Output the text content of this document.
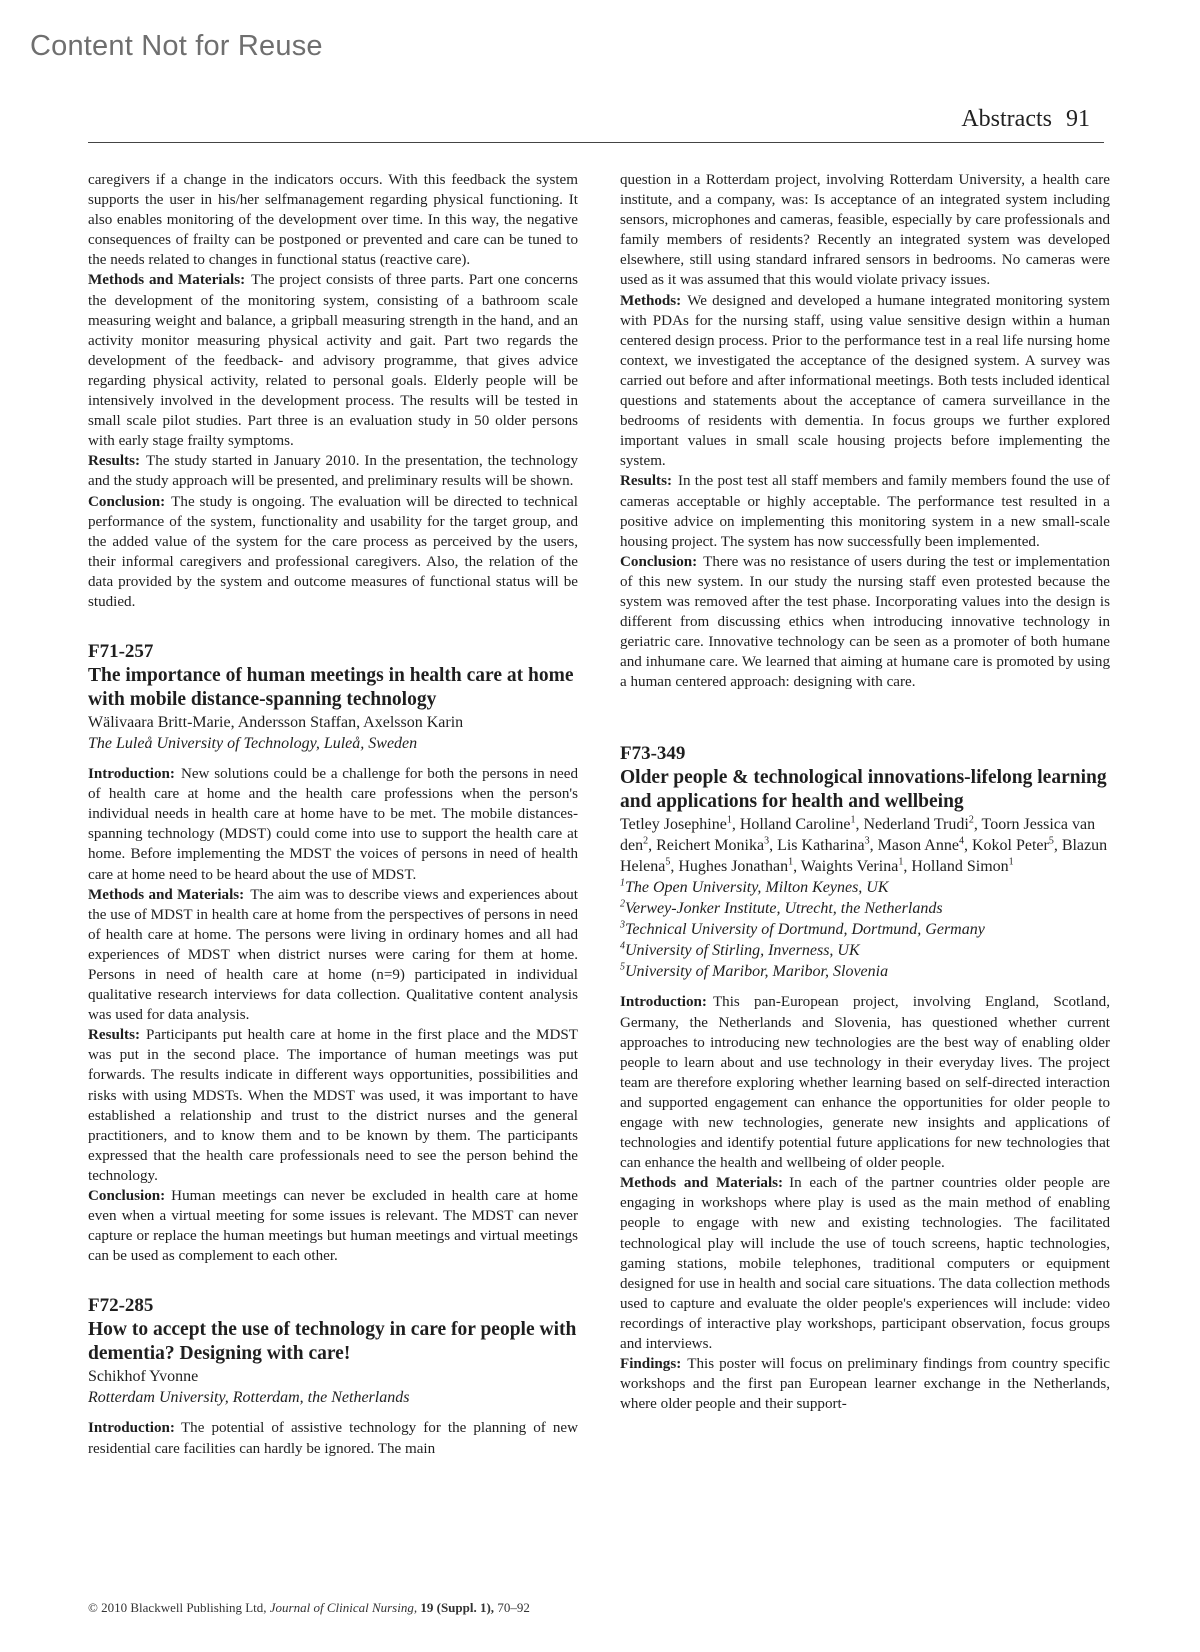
Content Not for Reuse
Abstracts 91

caregivers if a change in the indicators occurs. With this feedback the system supports the user in his/her selfmanagement regarding physical functioning. It also enables monitoring of the development over time. In this way, the negative consequences of frailty can be postponed or prevented and care can be tuned to the needs related to changes in functional status (reactive care).

Methods and Materials: The project consists of three parts. Part one concerns the development of the monitoring system, consisting of a bathroom scale measuring weight and balance, a gripball measuring strength in the hand, and an activity monitor measuring physical activity and gait. Part two regards the development of the feedback- and advisory programme, that gives advice regarding physical activity, related to personal goals. Elderly people will be intensively involved in the development process. The results will be tested in small scale pilot studies. Part three is an evaluation study in 50 older persons with early stage frailty symptoms.

Results: The study started in January 2010. In the presentation, the technology and the study approach will be presented, and preliminary results will be shown.

Conclusion: The study is ongoing. The evaluation will be directed to technical performance of the system, functionality and usability for the target group, and the added value of the system for the care process as perceived by the users, their informal caregivers and professional caregivers. Also, the relation of the data provided by the system and outcome measures of functional status will be studied.

F71-257

The importance of human meetings in health care at home with mobile distance-spanning technology

Wälivaara Britt-Marie, Andersson Staffan, Axelsson Karin

The Luleå University of Technology, Luleå, Sweden

Introduction: New solutions could be a challenge for both the persons in need of health care at home and the health care professions when the person's individual needs in health care at home have to be met. The mobile distances-spanning technology (MDST) could come into use to support the health care at home. Before implementing the MDST the voices of persons in need of health care at home need to be heard about the use of MDST.

Methods and Materials: The aim was to describe views and experiences about the use of MDST in health care at home from the perspectives of persons in need of health care at home. The persons were living in ordinary homes and all had experiences of MDST when district nurses were caring for them at home. Persons in need of health care at home (n=9) participated in individual qualitative research interviews for data collection. Qualitative content analysis was used for data analysis.

Results: Participants put health care at home in the first place and the MDST was put in the second place. The importance of human meetings was put forwards. The results indicate in different ways opportunities, possibilities and risks with using MDSTs. When the MDST was used, it was important to have established a relationship and trust to the district nurses and the general practitioners, and to know them and to be known by them. The participants expressed that the health care professionals need to see the person behind the technology.

Conclusion: Human meetings can never be excluded in health care at home even when a virtual meeting for some issues is relevant. The MDST can never capture or replace the human meetings but human meetings and virtual meetings can be used as complement to each other.

F72-285

How to accept the use of technology in care for people with dementia? Designing with care!

Schikhof Yvonne

Rotterdam University, Rotterdam, the Netherlands

Introduction: The potential of assistive technology for the planning of new residential care facilities can hardly be ignored. The main

question in a Rotterdam project, involving Rotterdam University, a health care institute, and a company, was: Is acceptance of an integrated system including sensors, microphones and cameras, feasible, especially by care professionals and family members of residents? Recently an integrated system was developed elsewhere, still using standard infrared sensors in bedrooms. No cameras were used as it was assumed that this would violate privacy issues.

Methods: We designed and developed a humane integrated monitoring system with PDAs for the nursing staff, using value sensitive design within a human centered design process. Prior to the performance test in a real life nursing home context, we investigated the acceptance of the designed system. A survey was carried out before and after informational meetings. Both tests included identical questions and statements about the acceptance of camera surveillance in the bedrooms of residents with dementia. In focus groups we further explored important values in small scale housing projects before implementing the system.

Results: In the post test all staff members and family members found the use of cameras acceptable or highly acceptable. The performance test resulted in a positive advice on implementing this monitoring system in a new small-scale housing project. The system has now successfully been implemented.

Conclusion: There was no resistance of users during the test or implementation of this new system. In our study the nursing staff even protested because the system was removed after the test phase. Incorporating values into the design is different from discussing ethics when introducing innovative technology in geriatric care. Innovative technology can be seen as a promoter of both humane and inhumane care. We learned that aiming at humane care is promoted by using a human centered approach: designing with care.

F73-349

Older people & technological innovations-lifelong learning and applications for health and wellbeing

Tetley Josephine$^1$, Holland Caroline$^1$, Nederland Trudi$^2$, Toorn Jessica van den$^2$, Reichert Monika$^3$, Lis Katharina$^3$, Mason Anne$^4$, Kokol Peter$^5$, Blazun Helena$^5$, Hughes Jonathan$^1$, Waights Verina$^1$, Holland Simon$^1$

$^1$The Open University, Milton Keynes, UK
$^2$Verwey-Jonker Institute, Utrecht, the Netherlands
$^3$Technical University of Dortmund, Dortmund, Germany
$^4$University of Stirling, Inverness, UK
$^5$University of Maribor, Maribor, Slovenia

Introduction: This pan-European project, involving England, Scotland, Germany, the Netherlands and Slovenia, has questioned whether current approaches to introducing new technologies are the best way of enabling older people to learn about and use technology in their everyday lives. The project team are therefore exploring whether learning based on self-directed interaction and supported engagement can enhance the opportunities for older people to engage with new technologies, generate new insights and applications of technologies and identify potential future applications for new technologies that can enhance the health and wellbeing of older people.

Methods and Materials: In each of the partner countries older people are engaging in workshops where play is used as the main method of enabling people to engage with new and existing technologies. The facilitated technological play will include the use of touch screens, haptic technologies, gaming stations, mobile telephones, traditional computers or equipment designed for use in health and social care situations. The data collection methods used to capture and evaluate the older people's experiences will include: video recordings of interactive play workshops, participant observation, focus groups and interviews.

Findings: This poster will focus on preliminary findings from country specific workshops and the first pan European learner exchange in the Netherlands, where older people and their support-

© 2010 Blackwell Publishing Ltd, Journal of Clinical Nursing, 19 (Suppl. 1), 70–92
